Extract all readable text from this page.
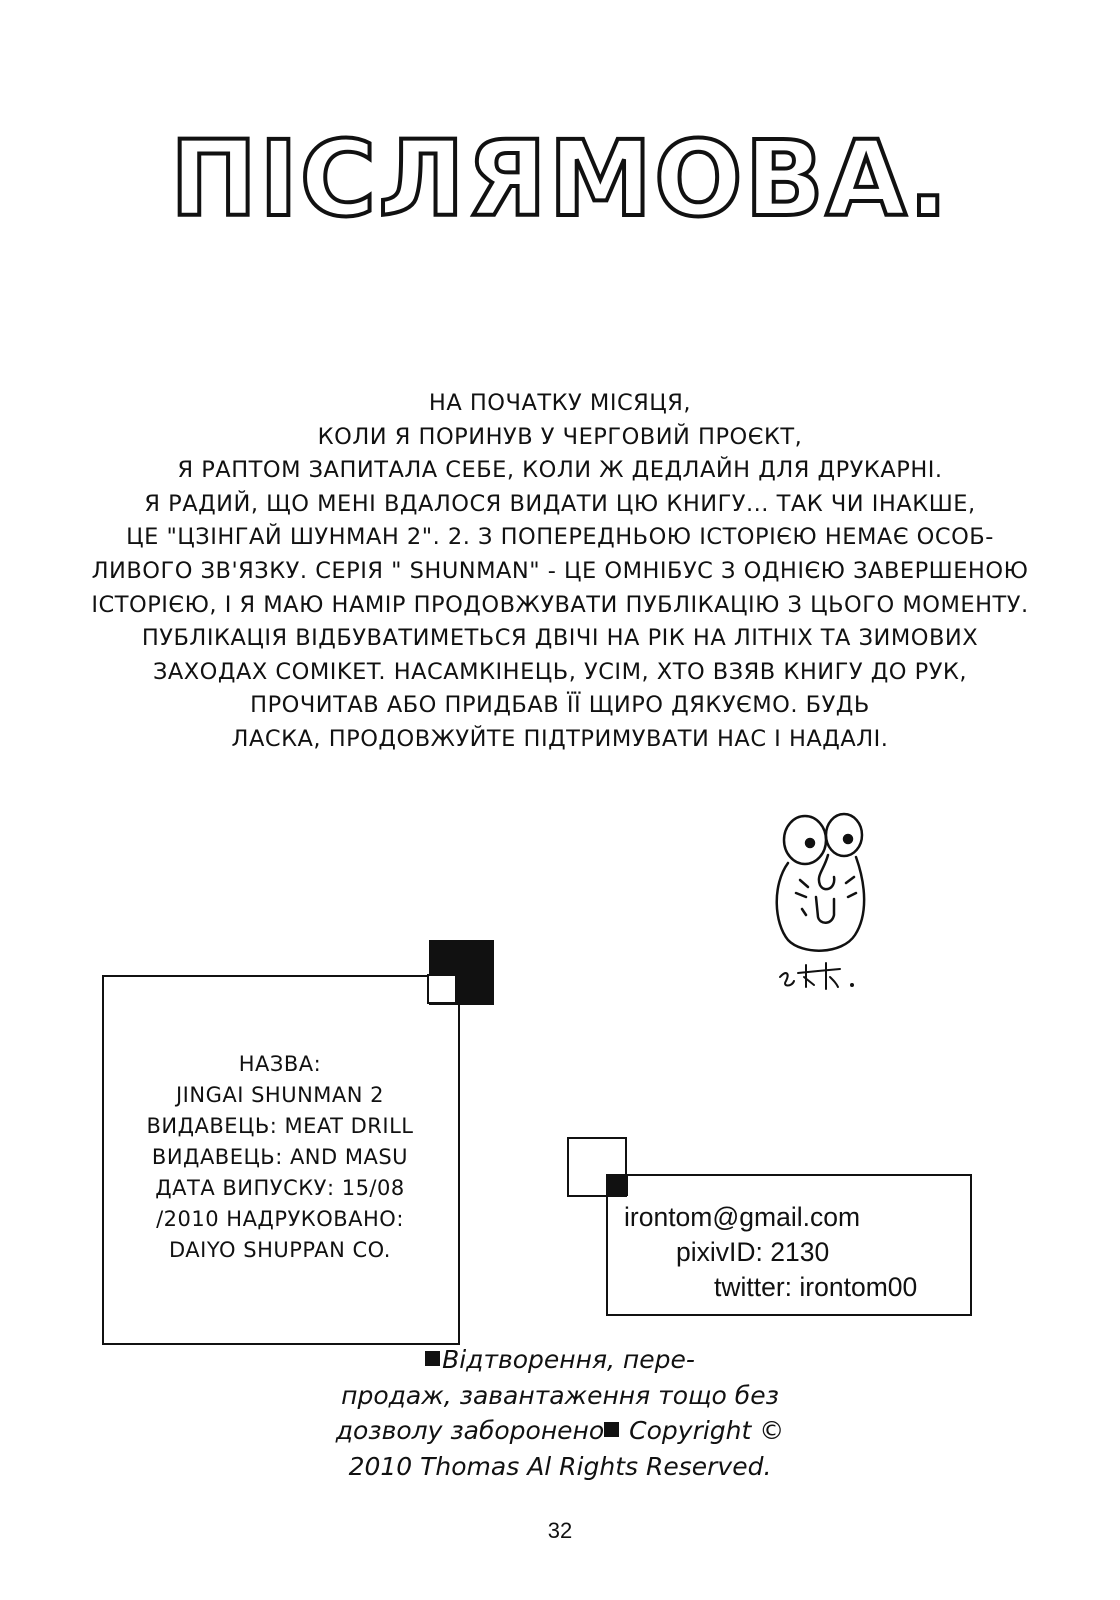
ПІСЛЯМОВА.
НА ПОЧАТКУ МІСЯЦЯ,
КОЛИ Я ПОРИНУВ У ЧЕРГОВИЙ ПРОЄКТ,
Я РАПТОМ ЗАПИТАЛА СЕБЕ, КОЛИ Ж ДЕДЛАЙН ДЛЯ ДРУКАРНІ.
Я РАДИЙ, ЩО МЕНІ ВДАЛОСЯ ВИДАТИ ЦЮ КНИГУ... ТАК ЧИ ІНАКШЕ,
ЦЕ "ЦЗІНГАЙ ШУНМАН 2". 2. З ПОПЕРЕДНЬОЮ ІСТОРІЄЮ НЕМАЄ ОСОБ-
ЛИВОГО ЗВ'ЯЗКУ. СЕРІЯ " SHUNMAN" - ЦЕ ОМНІБУС З ОДНІЄЮ ЗАВЕРШЕНОЮ
ІСТОРІЄЮ, І Я МАЮ НАМІР ПРОДОВЖУВАТИ ПУБЛІКАЦІЮ З ЦЬОГО МОМЕНТУ.
ПУБЛІКАЦІЯ ВІДБУВАТИМЕТЬСЯ ДВІЧІ НА РІК НА ЛІТНІХ ТА ЗИМОВИХ
ЗАХОДАХ COMIKET. НАСАМКІНЕЦЬ, УСІМ, ХТО ВЗЯВ КНИГУ ДО РУК,
ПРОЧИТАВ АБО ПРИДБАВ ЇЇ ЩИРО ДЯКУЄМО. БУДЬ
ЛАСКА, ПРОДОВЖУЙТЕ ПІДТРИМУВАТИ НАС І НАДАЛІ.
と村.
НАЗВА:
JINGAI SHUNMAN 2
ВИДАВЕЦЬ: MEAT DRILL
ВИДАВЕЦЬ: AND MASU
ДАТА ВИПУСКУ: 15/08
/2010 НАДРУКОВАНО:
DAIYO SHUPPAN CO.
irontom@gmail.com
pixivID: 2130
twitter: irontom00
Відтворення, пере-
продаж, завантаження тощо без
дозволу заборонено Copyright ©
2010 Thomas Al Rights Reserved.
32
